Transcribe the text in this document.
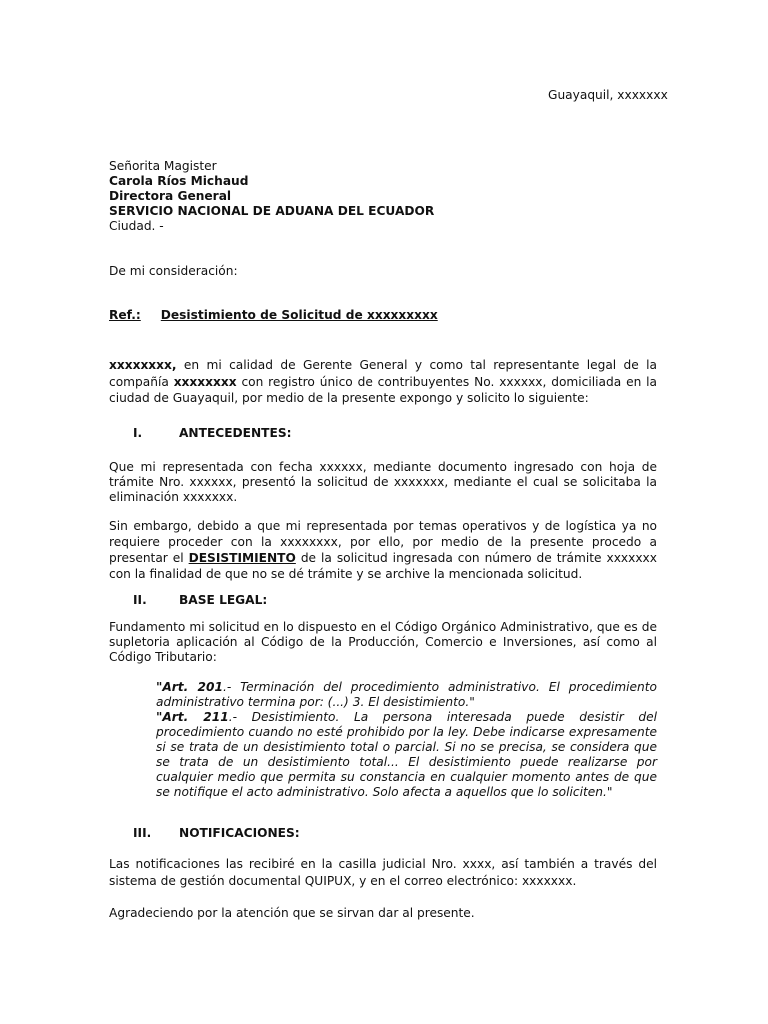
Guayaquil, xxxxxxx

Señorita Magister
Carola Ríos Michaud
Directora General
SERVICIO NACIONAL DE ADUANA DEL ECUADOR
Ciudad. -

De mi consideración:

Ref.: Desistimiento de Solicitud de xxxxxxxxx

xxxxxxxx, en mi calidad de Gerente General y como tal representante legal de la compañía xxxxxxxx con registro único de contribuyentes No. xxxxxx, domiciliada en la ciudad de Guayaquil, por medio de la presente expongo y solicito lo siguiente:

I.	ANTECEDENTES:

Que mi representada con fecha xxxxxx, mediante documento ingresado con hoja de trámite Nro. xxxxxx, presentó la solicitud de xxxxxxx, mediante el cual se solicitaba la eliminación xxxxxxx.

Sin embargo, debido a que mi representada por temas operativos y de logística ya no requiere proceder con la xxxxxxxx, por ello, por medio de la presente procedo a presentar el DESISTIMIENTO de la solicitud ingresada con número de trámite xxxxxxx con la finalidad de que no se dé trámite y se archive la mencionada solicitud.

II.	BASE LEGAL:

Fundamento mi solicitud en lo dispuesto en el Código Orgánico Administrativo, que es de supletoria aplicación al Código de la Producción, Comercio e Inversiones, así como al Código Tributario:

"Art. 201.- Terminación del procedimiento administrativo. El procedimiento administrativo termina por: (...) 3. El desistimiento."

"Art. 211.- Desistimiento. La persona interesada puede desistir del procedimiento cuando no esté prohibido por la ley. Debe indicarse expresamente si se trata de un desistimiento total o parcial. Si no se precisa, se considera que se trata de un desistimiento total... El desistimiento puede realizarse por cualquier medio que permita su constancia en cualquier momento antes de que se notifique el acto administrativo. Solo afecta a aquellos que lo soliciten."

III. NOTIFICACIONES:

Las notificaciones las recibiré en la casilla judicial Nro. xxxx, así también a través del sistema de gestión documental QUIPUX, y en el correo electrónico: xxxxxxx.

Agradeciendo por la atención que se sirvan dar al presente.
